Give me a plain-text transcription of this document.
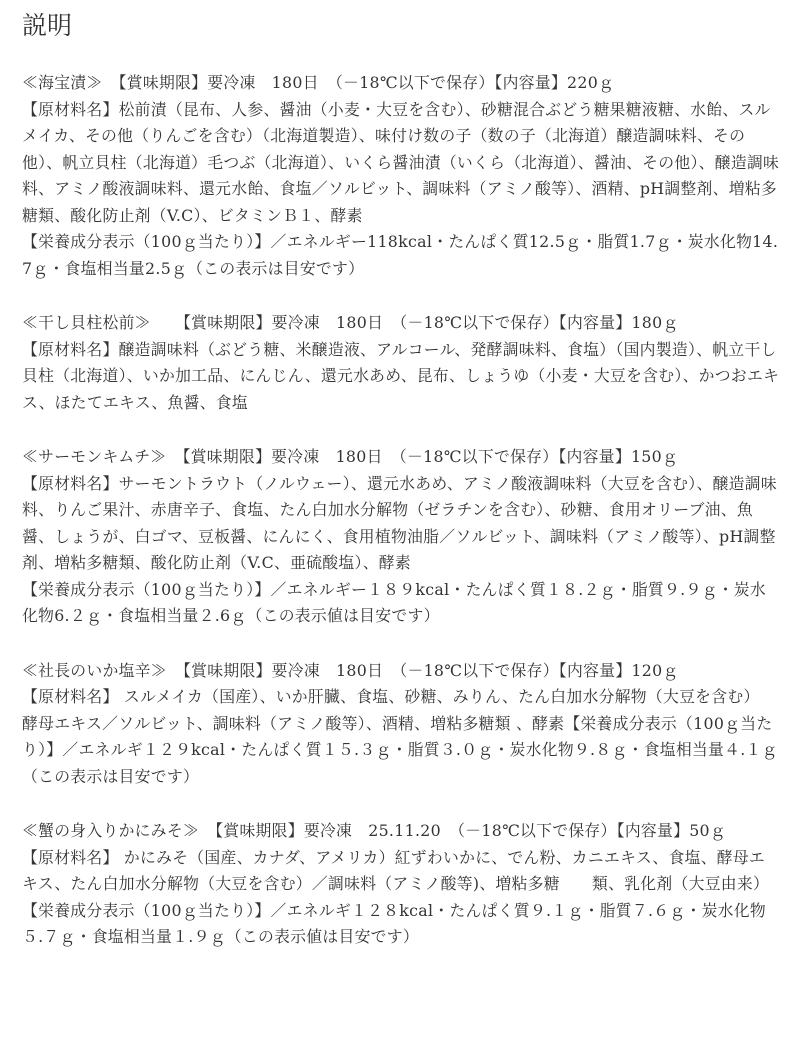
説明

≪海宝漬≫　【賞味期限】要冷凍　180日　（－18℃以下で保存）【内容量】220ｇ

【原材料名】松前漬（昆布、人参、醤油（小麦・大豆を含む）、砂糖混合ぶどう糖果糖液糖、水飴、スルメイカ、その他（りんごを含む）（北海道製造）、味付け数の子（数の子（北海道）醸造調味料、その他）、帆立貝柱（北海道）毛つぶ（北海道）、いくら醤油漬（いくら（北海道）、醤油、その他）、醸造調味料、アミノ酸液調味料、還元水飴、食塩／ソルビット、調味料（アミノ酸等）、酒精、pH調整剤、増粘多糖類、酸化防止剤（V.C）、ビタミンＢ１、酵素

【栄養成分表示（100ｇ当たり）】／エネルギー118kcal・たんぱく質12.5ｇ・脂質1.7ｇ・炭水化物14.7ｇ・食塩相当量2.5ｇ（この表示は目安です）

≪干し貝柱松前≫　　【賞味期限】要冷凍　180日　（－18℃以下で保存）【内容量】180ｇ

【原材料名】醸造調味料（ぶどう糖、米醸造液、アルコール、発酵調味料、食塩）（国内製造）、帆立干し貝柱（北海道）、いか加工品、にんじん、還元水あめ、昆布、しょうゆ（小麦・大豆を含む）、かつおエキス、ほたてエキス、魚醤、食塩

≪サーモンキムチ≫　【賞味期限】要冷凍　180日　（－18℃以下で保存）【内容量】150ｇ

【原材料名】サーモントラウト（ノルウェー）、還元水あめ、アミノ酸液調味料（大豆を含む）、醸造調味料、りんご果汁、赤唐辛子、食塩、たん白加水分解物（ゼラチンを含む）、砂糖、食用オリーブ油、魚醤、しょうが、白ゴマ、豆板醤、にんにく、食用植物油脂／ソルビット、調味料（アミノ酸等）、pH調整剤、増粘多糖類、酸化防止剤（V.C、亜硫酸塩）、酵素

【栄養成分表示（100ｇ当たり）】／エネルギー１８９kcal・たんぱく質１８.２ｇ・脂質９.９ｇ・炭水化物6.２ｇ・食塩相当量２.6ｇ（この表示値は目安です）

≪社長のいか塩辛≫　【賞味期限】要冷凍　180日　（－18℃以下で保存）【内容量】120ｇ

【原材料名】 スルメイカ（国産）、いか肝臓、食塩、砂糖、みりん、たん白加水分解物（大豆を含む） 酵母エキス／ソルビット、調味料（アミノ酸等）、酒精、増粘多糖類 、酵素【栄養成分表示（100ｇ当たり）】／エネルギ１２９kcal・たんぱく質１５.３ｇ・脂質３.０ｇ・炭水化物９.８ｇ・食塩相当量４.１ｇ（この表示は目安です）

≪蟹の身入りかにみそ≫　【賞味期限】要冷凍　25.11.20　（－18℃以下で保存）【内容量】50ｇ

【原材料名】 かにみそ（国産、カナダ、アメリカ）紅ずわいかに、でん粉、カニエキス、食塩、酵母エキス、たん白加水分解物（大豆を含む）／調味料（アミノ酸等)、増粘多糖　　類、乳化剤（大豆由来）

【栄養成分表示（100ｇ当たり）】／エネルギ１２８kcal・たんぱく質９.１ｇ・脂質７.６ｇ・炭水化物５.７ｇ・食塩相当量１.９ｇ（この表示値は目安です）
